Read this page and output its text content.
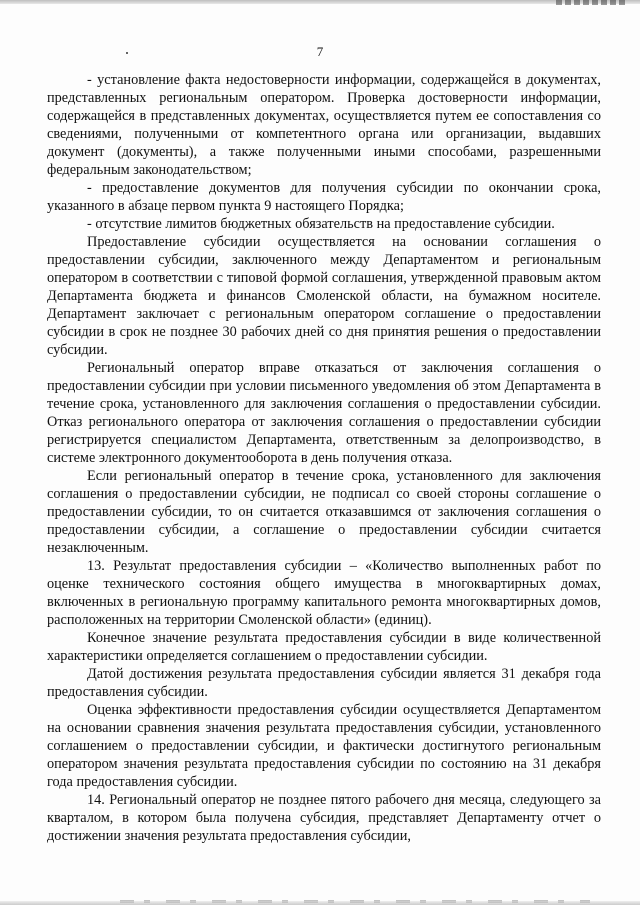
7

- установление факта недостоверности информации, содержащейся в документах, представленных региональным оператором. Проверка достоверности информации, содержащейся в представленных документах, осуществляется путем ее сопоставления со сведениями, полученными от компетентного органа или организации, выдавших документ (документы), а также полученными иными способами, разрешенными федеральным законодательством;

- предоставление документов для получения субсидии по окончании срока, указанного в абзаце первом пункта 9 настоящего Порядка;

- отсутствие лимитов бюджетных обязательств на предоставление субсидии.

Предоставление субсидии осуществляется на основании соглашения о предоставлении субсидии, заключенного между Департаментом и региональным оператором в соответствии с типовой формой соглашения, утвержденной правовым актом Департамента бюджета и финансов Смоленской области, на бумажном носителе. Департамент заключает с региональным оператором соглашение о предоставлении субсидии в срок не позднее 30 рабочих дней со дня принятия решения о предоставлении субсидии.

Региональный оператор вправе отказаться от заключения соглашения о предоставлении субсидии при условии письменного уведомления об этом Департамента в течение срока, установленного для заключения соглашения о предоставлении субсидии. Отказ регионального оператора от заключения соглашения о предоставлении субсидии регистрируется специалистом Департамента, ответственным за делопроизводство, в системе электронного документооборота в день получения отказа.

Если региональный оператор в течение срока, установленного для заключения соглашения о предоставлении субсидии, не подписал со своей стороны соглашение о предоставлении субсидии, то он считается отказавшимся от заключения соглашения о предоставлении субсидии, а соглашение о предоставлении субсидии считается незаключенным.

13. Результат предоставления субсидии – «Количество выполненных работ по оценке технического состояния общего имущества в многоквартирных домах, включенных в региональную программу капитального ремонта многоквартирных домов, расположенных на территории Смоленской области» (единиц).

Конечное значение результата предоставления субсидии в виде количественной характеристики определяется соглашением о предоставлении субсидии.

Датой достижения результата предоставления субсидии является 31 декабря года предоставления субсидии.

Оценка эффективности предоставления субсидии осуществляется Департаментом на основании сравнения значения результата предоставления субсидии, установленного соглашением о предоставлении субсидии, и фактически достигнутого региональным оператором значения результата предоставления субсидии по состоянию на 31 декабря года предоставления субсидии.

14. Региональный оператор не позднее пятого рабочего дня месяца, следующего за кварталом, в котором была получена субсидия, представляет Департаменту отчет о достижении значения результата предоставления субсидии,
